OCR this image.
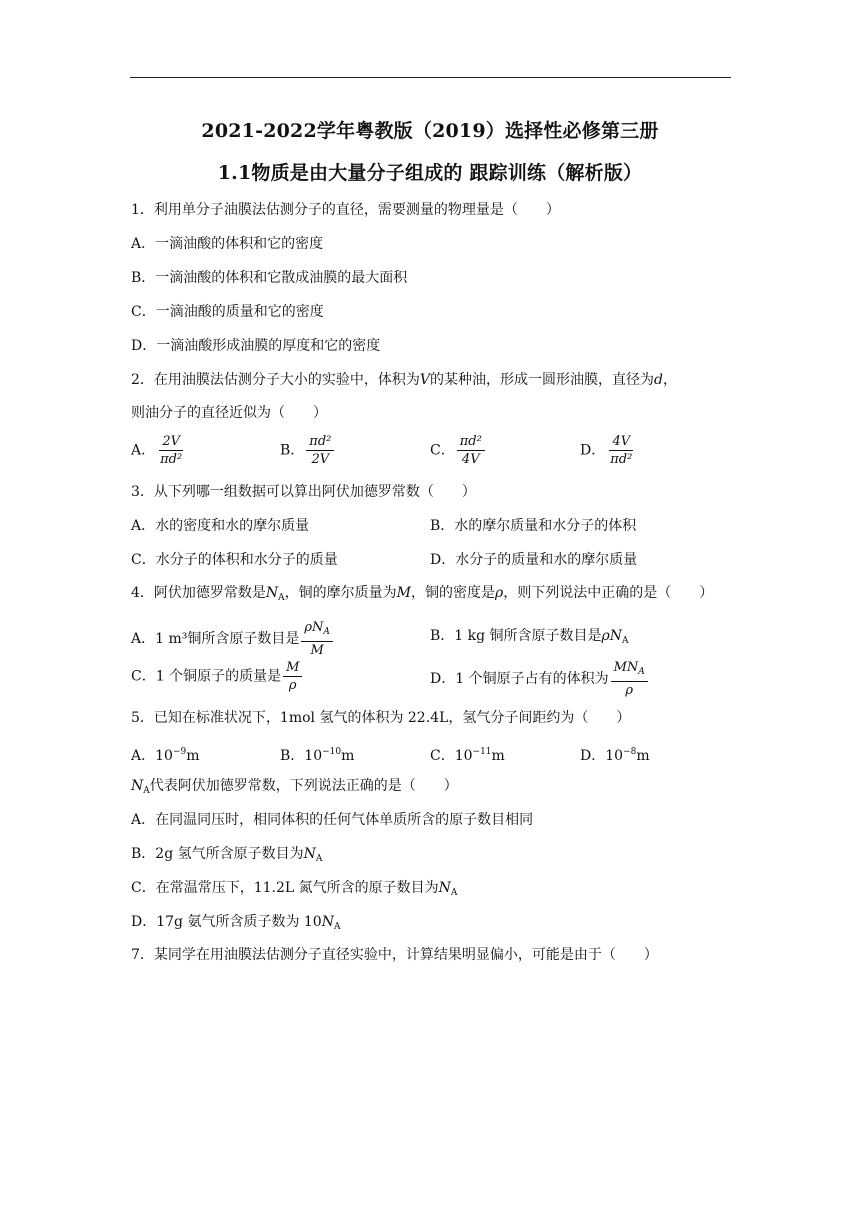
2021-2022学年粤教版（2019）选择性必修第三册
1.1物质是由大量分子组成的 跟踪训练（解析版）
1．利用单分子油膜法估测分子的直径，需要测量的物理量是（　　）
A．一滴油酸的体积和它的密度
B．一滴油酸的体积和它散成油膜的最大面积
C．一滴油酸的质量和它的密度
D．一滴油酸形成油膜的厚度和它的密度
2．在用油膜法估测分子大小的实验中，体积为V的某种油，形成一圆形油膜，直径为d，
则油分子的直径近似为（　　）
A． $\frac{2V}{\text{πd²}}$	B． $\frac{\text{πd²}}{2V}$	C． $\frac{\text{πd²}}{4V}$	D． $\frac{4V}{\text{πd²}}$
3．从下列哪一组数据可以算出阿伏加德罗常数（　　）
A．水的密度和水的摩尔质量	B．水的摩尔质量和水分子的体积
C．水分子的体积和水分子的质量	D．水分子的质量和水的摩尔质量
4．阿伏加德罗常数是$N_A$，铜的摩尔质量为M，铜的密度是ρ，则下列说法中正确的是（　　）
A．1 m³铜所含原子数目是 $\frac{\rho N_A}{M}$	B．1 kg 铜所含原子数目是$\rho N_A$
C．1 个铜原子的质量是 $\frac{M}{\rho}$	D．1 个铜原子占有的体积为 $\frac{MN_A}{\rho}$
5．已知在标准状况下，1mol 氢气的体积为 22.4L，氢气分子间距约为（　　）
A．$10^{-9}m$	B．$10^{-10}m$	C．$10^{-11}m$	D．$10^{-8}m$
$N_A$代表阿伏加德罗常数，下列说法正确的是（　　）
A．在同温同压时，相同体积的任何气体单质所含的原子数目相同
B．2g 氢气所含原子数目为$N_A$
C．在常温常压下，11.2L 氮气所含的原子数目为$N_A$
D．17g 氨气所含质子数为 $10N_A$
7．某同学在用油膜法估测分子直径实验中，计算结果明显偏小，可能是由于（　　）
